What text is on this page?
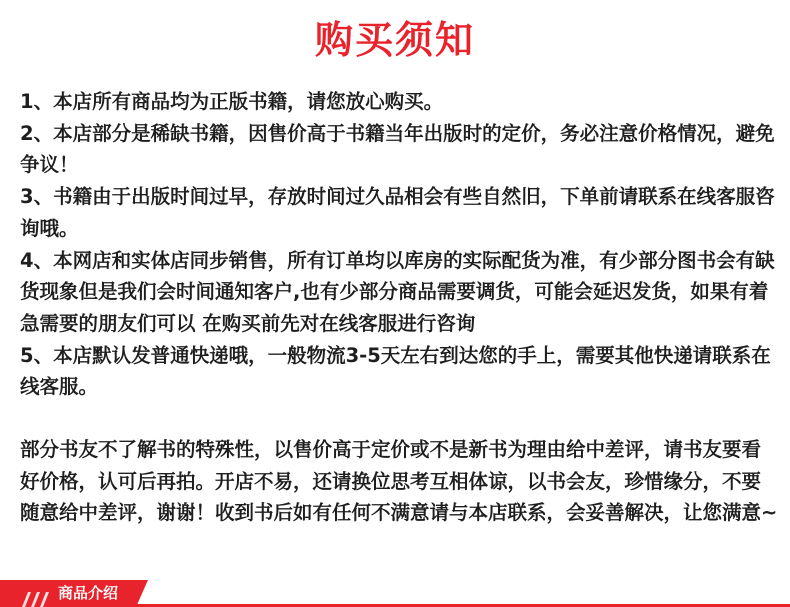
购买须知

1、本店所有商品均为正版书籍，请您放心购买。

2、本店部分是稀缺书籍，因售价高于书籍当年出版时的定价，务必注意价格情况，避免争议！

3、书籍由于出版时间过早，存放时间过久品相会有些自然旧，下单前请联系在线客服咨询哦。

4、本网店和实体店同步销售，所有订单均以库房的实际配货为准，有少部分图书会有缺货现象但是我们会时间通知客户,也有少部分商品需要调货，可能会延迟发货，如果有着急需要的朋友们可以 在购买前先对在线客服进行咨询

5、本店默认发普通快递哦，一般物流3-5天左右到达您的手上，需要其他快递请联系在线客服。

部分书友不了解书的特殊性，以售价高于定价或不是新书为理由给中差评，请书友要看好价格，认可后再拍。开店不易，还请换位思考互相体谅，以书会友，珍惜缘分，不要随意给中差评，谢谢！收到书后如有任何不满意请与本店联系，会妥善解决，让您满意~

商品介绍
